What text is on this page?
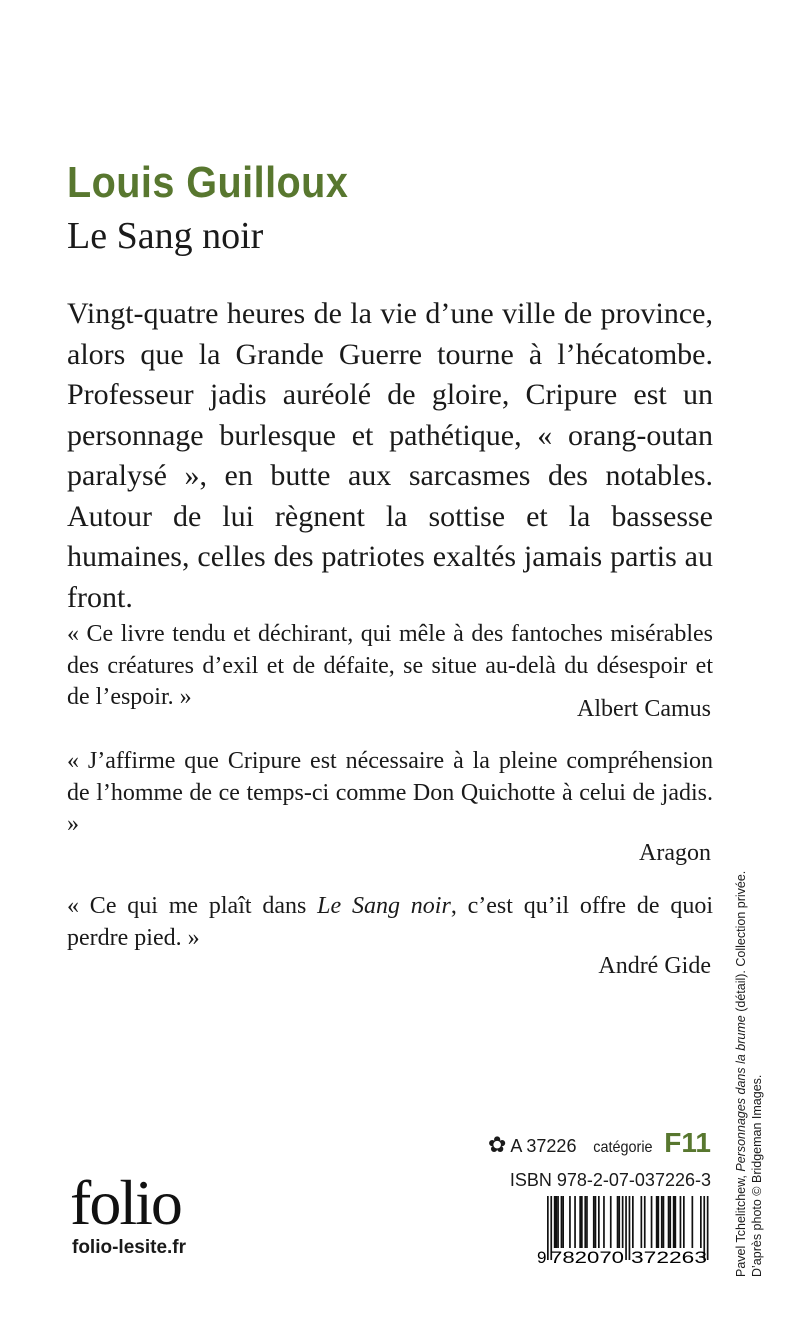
Louis Guilloux
Le Sang noir

Vingt-quatre heures de la vie d’une ville de province, alors que la Grande Guerre tourne à l’hécatombe. Professeur jadis auréolé de gloire, Cripure est un personnage burlesque et pathétique, « orang-outan paralysé », en butte aux sarcasmes des notables. Autour de lui règnent la sottise et la bassesse humaines, celles des patriotes exaltés jamais partis au front.

« Ce livre tendu et déchirant, qui mêle à des fantoches misérables des créatures d’exil et de défaite, se situe au-delà du désespoir et de l’espoir. »	Albert Camus

« J’affirme que Cripure est nécessaire à la pleine compréhension de l’homme de ce temps-ci comme Don Quichotte à celui de jadis. »

Aragon

« Ce qui me plaît dans Le Sang noir, c’est qu’il offre de quoi perdre pied. »

André Gide
✿ A 37226 catégorie F11
ISBN 978-2-07-037226-3
9 782070 372263
folio
folio-lesite.fr	Pavel Tchelitchew, Personnages dans la brume (détail). Collection privée.
D’après photo © Bridgeman Images.
